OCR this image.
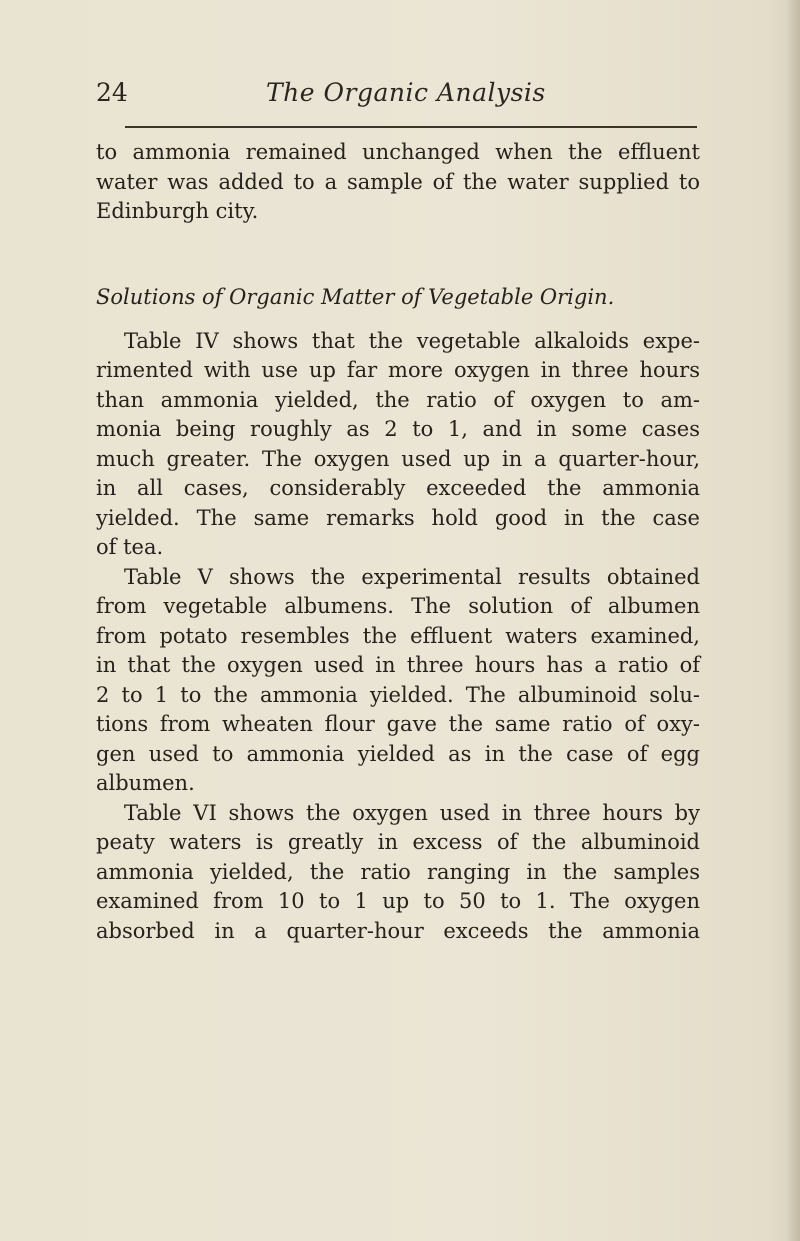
24	The Organic Analysis
to ammonia remained unchanged when the effluent
water was added to a sample of the water supplied to
Edinburgh city.
Solutions of Organic Matter of Vegetable Origin.
Table IV shows that the vegetable alkaloids expe-
rimented with use up far more oxygen in three hours
than ammonia yielded, the ratio of oxygen to am-
monia being roughly as 2 to 1, and in some cases
much greater. The oxygen used up in a quarter-hour,
in all cases, considerably exceeded the ammonia
yielded. The same remarks hold good in the case
of tea.
Table V shows the experimental results obtained
from vegetable albumens. The solution of albumen
from potato resembles the effluent waters examined,
in that the oxygen used in three hours has a ratio of
2 to 1 to the ammonia yielded. The albuminoid solu-
tions from wheaten flour gave the same ratio of oxy-
gen used to ammonia yielded as in the case of egg
albumen.
Table VI shows the oxygen used in three hours by
peaty waters is greatly in excess of the albuminoid
ammonia yielded, the ratio ranging in the samples
examined from 10 to 1 up to 50 to 1. The oxygen
absorbed in a quarter-hour exceeds the ammonia
